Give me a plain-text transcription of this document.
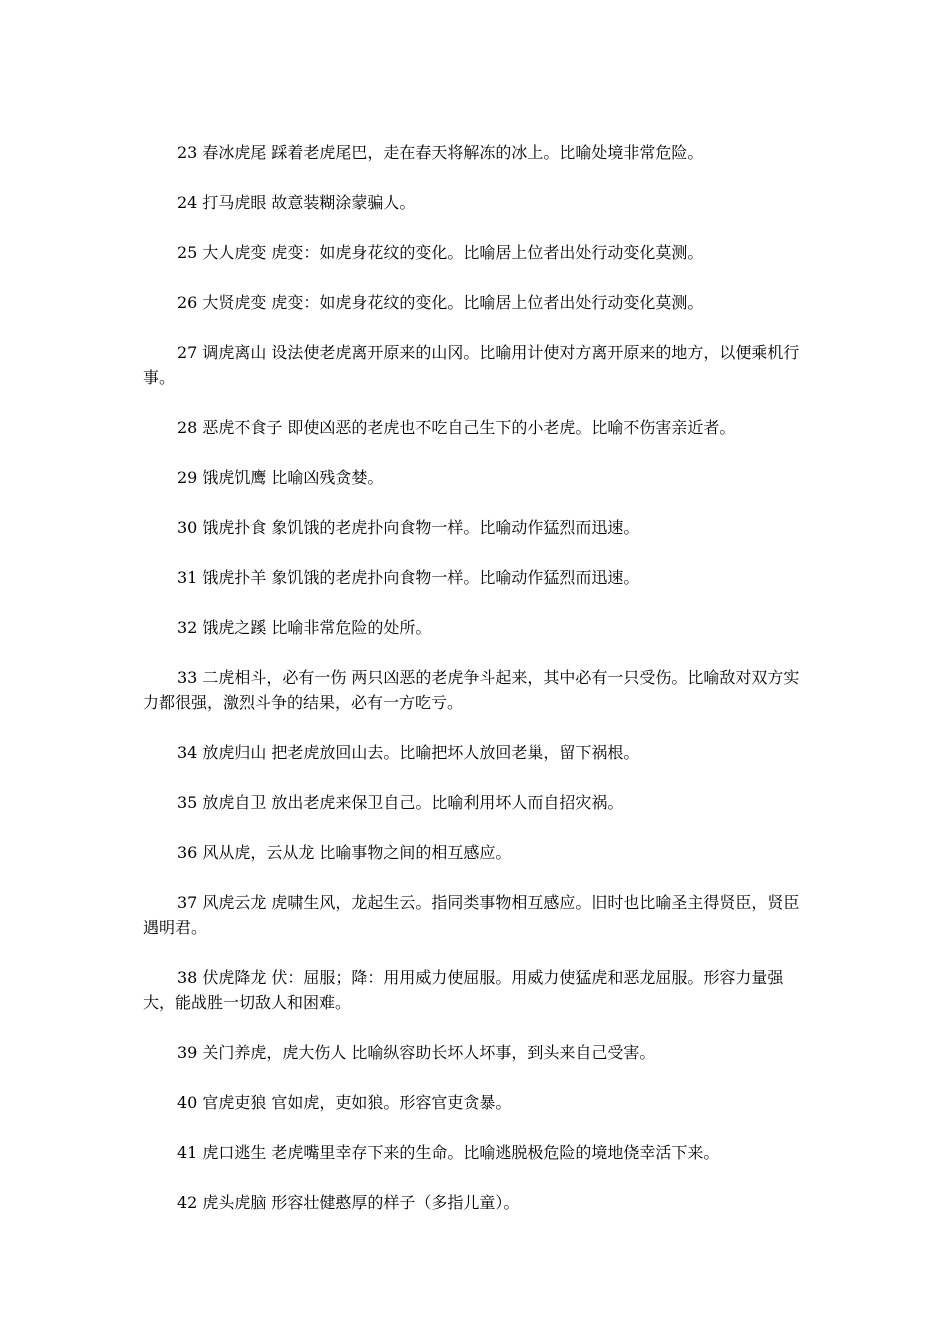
23 春冰虎尾 踩着老虎尾巴，走在春天将解冻的冰上。比喻处境非常危险。

24 打马虎眼 故意装糊涂蒙骗人。

25 大人虎变 虎变：如虎身花纹的变化。比喻居上位者出处行动变化莫测。

26 大贤虎变 虎变：如虎身花纹的变化。比喻居上位者出处行动变化莫测。

27 调虎离山 设法使老虎离开原来的山冈。比喻用计使对方离开原来的地方，以便乘机行事。

28 恶虎不食子 即使凶恶的老虎也不吃自己生下的小老虎。比喻不伤害亲近者。

29 饿虎饥鹰 比喻凶残贪婪。

30 饿虎扑食 象饥饿的老虎扑向食物一样。比喻动作猛烈而迅速。

31 饿虎扑羊 象饥饿的老虎扑向食物一样。比喻动作猛烈而迅速。

32 饿虎之蹊 比喻非常危险的处所。

33 二虎相斗，必有一伤 两只凶恶的老虎争斗起来，其中必有一只受伤。比喻敌对双方实力都很强，激烈斗争的结果，必有一方吃亏。

34 放虎归山 把老虎放回山去。比喻把坏人放回老巢，留下祸根。

35 放虎自卫 放出老虎来保卫自己。比喻利用坏人而自招灾祸。

36 风从虎，云从龙 比喻事物之间的相互感应。

37 风虎云龙 虎啸生风，龙起生云。指同类事物相互感应。旧时也比喻圣主得贤臣，贤臣遇明君。

38 伏虎降龙 伏：屈服；降：用用威力使屈服。用威力使猛虎和恶龙屈服。形容力量强大，能战胜一切敌人和困难。

39 关门养虎，虎大伤人 比喻纵容助长坏人坏事，到头来自己受害。

40 官虎吏狼 官如虎，吏如狼。形容官吏贪暴。

41 虎口逃生 老虎嘴里幸存下来的生命。比喻逃脱极危险的境地侥幸活下来。

42 虎头虎脑 形容壮健憨厚的样子（多指儿童）。
